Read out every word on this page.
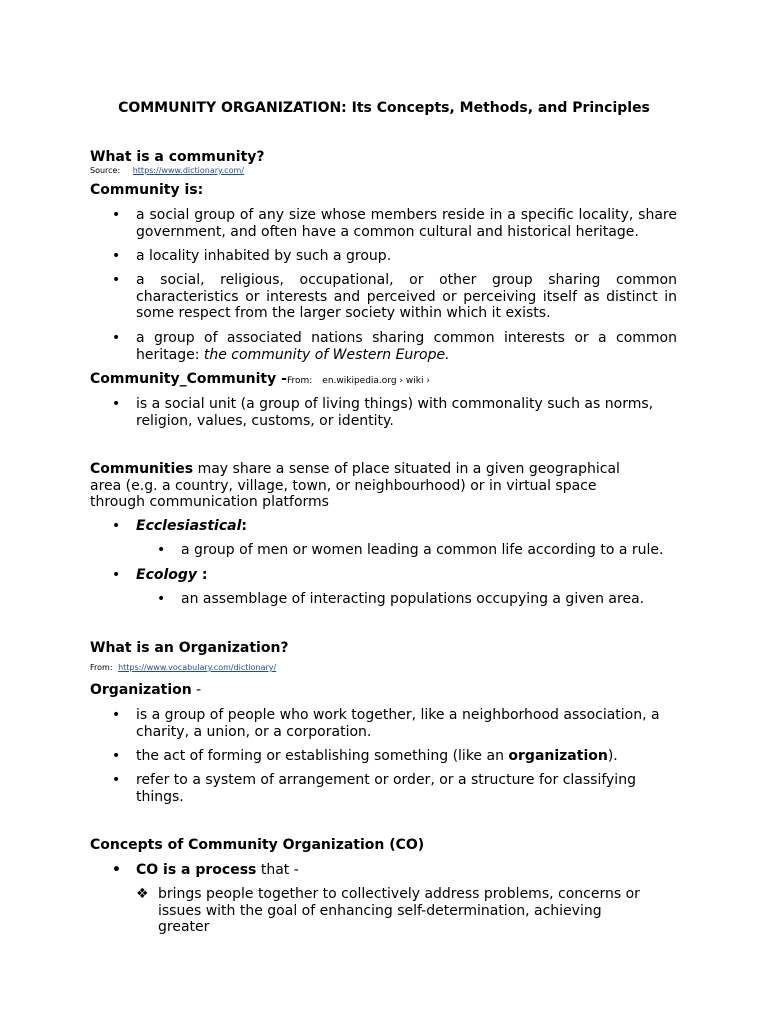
COMMUNITY ORGANIZATION: Its Concepts, Methods, and Principles
What is a community?
Source: https://www.dictionary.com/
Community is:
• a social group of any size whose members reside in a specific locality, share government, and often have a common cultural and historical heritage.
• a locality inhabited by such a group.
• a social, religious, occupational, or other group sharing common characteristics or interests and perceived or perceiving itself as distinct in some respect from the larger society within which it exists.
• a group of associated nations sharing common interests or a common heritage: the community of Western Europe.
Community_Community -From: en.wikipedia.org › wiki ›
• is a social unit (a group of living things) with commonality such as norms, religion, values, customs, or identity.
Communities may share a sense of place situated in a given geographical area (e.g. a country, village, town, or neighbourhood) or in virtual space through communication platforms
• Ecclesiastical:
• a group of men or women leading a common life according to a rule.
• Ecology :
• an assemblage of interacting populations occupying a given area.
What is an Organization?
From: https://www.vocabulary.com/dictionary/
Organization -
• is a group of people who work together, like a neighborhood association, a charity, a union, or a corporation.
• the act of forming or establishing something (like an organization).
• refer to a system of arrangement or order, or a structure for classifying things.
Concepts of Community Organization (CO)
• CO is a process that -
❖ brings people together to collectively address problems, concerns or issues with the goal of enhancing self-determination, achieving greater
